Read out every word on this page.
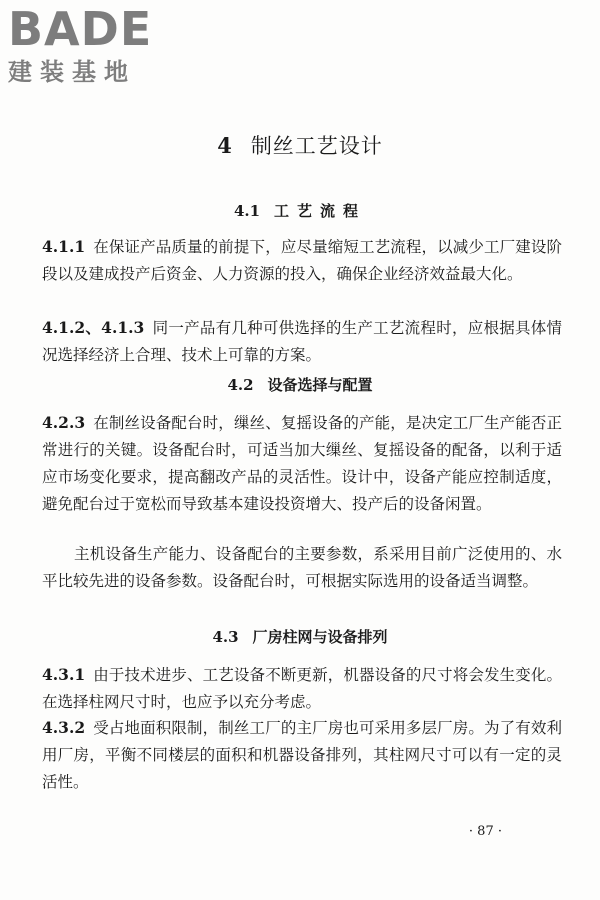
BADE
建装基地
4 制丝工艺设计
4.1 工艺流程

4.1.1 在保证产品质量的前提下，应尽量缩短工艺流程，以减少工厂建设阶段以及建成投产后资金、人力资源的投入，确保企业经济效益最大化。

4.1.2、4.1.3 同一产品有几种可供选择的生产工艺流程时，应根据具体情况选择经济上合理、技术上可靠的方案。

4.2 设备选择与配置

4.2.3 在制丝设备配台时，缫丝、复摇设备的产能，是决定工厂生产能否正常进行的关键。设备配台时，可适当加大缫丝、复摇设备的配备，以利于适应市场变化要求，提高翻改产品的灵活性。设计中，设备产能应控制适度，避免配台过于宽松而导致基本建设投资增大、投产后的设备闲置。

主机设备生产能力、设备配台的主要参数，系采用目前广泛使用的、水平比较先进的设备参数。设备配台时，可根据实际选用的设备适当调整。

4.3 厂房柱网与设备排列

4.3.1 由于技术进步、工艺设备不断更新，机器设备的尺寸将会发生变化。在选择柱网尺寸时，也应予以充分考虑。

4.3.2 受占地面积限制，制丝工厂的主厂房也可采用多层厂房。为了有效利用厂房，平衡不同楼层的面积和机器设备排列，其柱网尺寸可以有一定的灵活性。

· 87 ·
